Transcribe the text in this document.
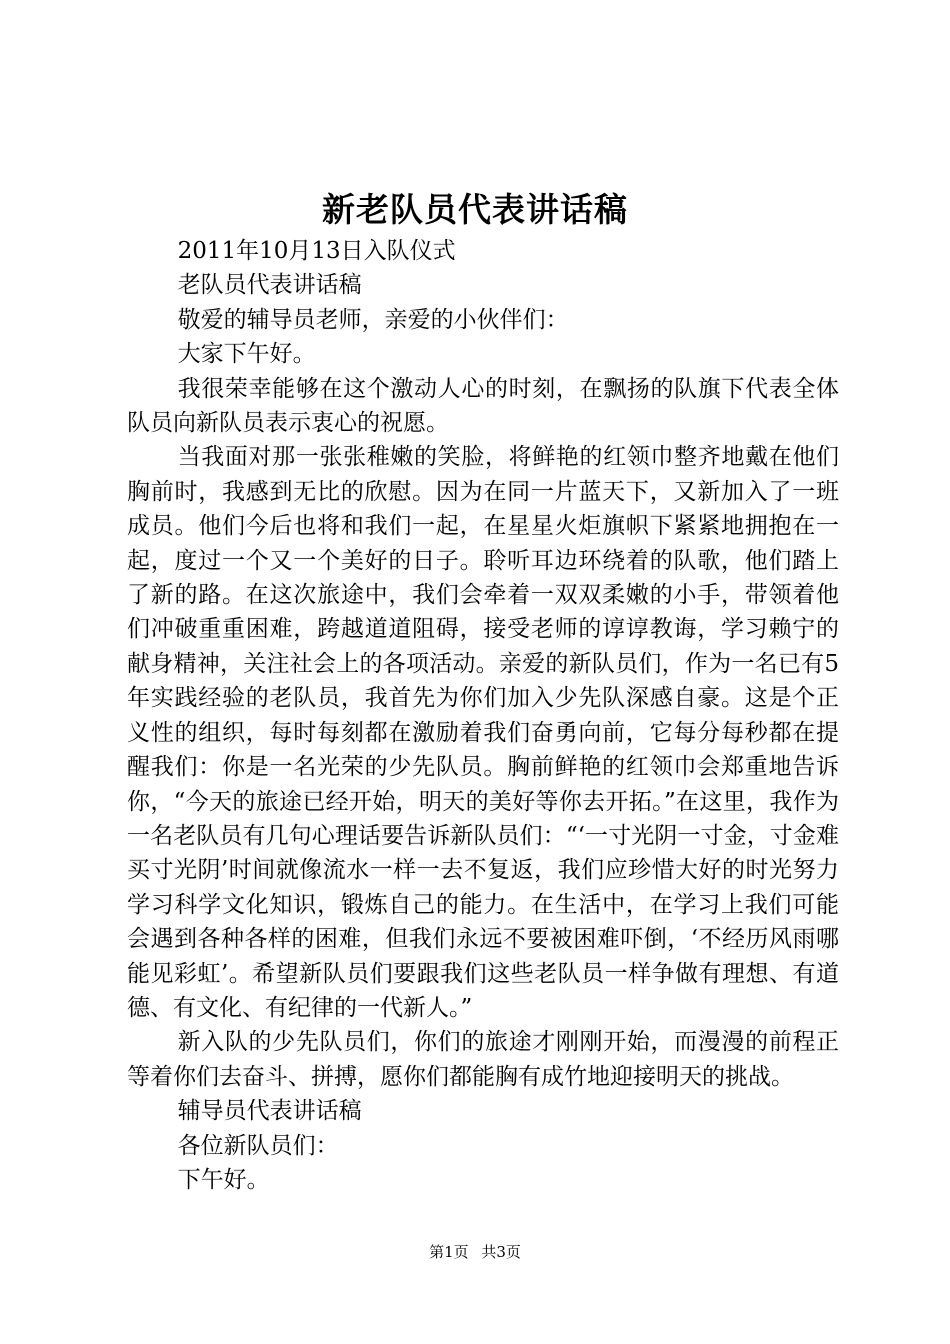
新老队员代表讲话稿

2011年10月13日入队仪式

老队员代表讲话稿

敬爱的辅导员老师，亲爱的小伙伴们：

大家下午好。

我很荣幸能够在这个激动人心的时刻，在飘扬的队旗下代表全体队员向新队员表示衷心的祝愿。

当我面对那一张张稚嫩的笑脸，将鲜艳的红领巾整齐地戴在他们胸前时，我感到无比的欣慰。因为在同一片蓝天下，又新加入了一班成员。他们今后也将和我们一起，在星星火炬旗帜下紧紧地拥抱在一起，度过一个又一个美好的日子。聆听耳边环绕着的队歌，他们踏上了新的路。在这次旅途中，我们会牵着一双双柔嫩的小手，带领着他们冲破重重困难，跨越道道阻碍，接受老师的谆谆教诲，学习赖宁的献身精神，关注社会上的各项活动。亲爱的新队员们，作为一名已有5年实践经验的老队员，我首先为你们加入少先队深感自豪。这是个正义性的组织，每时每刻都在激励着我们奋勇向前，它每分每秒都在提醒我们：你是一名光荣的少先队员。胸前鲜艳的红领巾会郑重地告诉你，“今天的旅途已经开始，明天的美好等你去开拓。”在这里，我作为一名老队员有几句心理话要告诉新队员们：“‘一寸光阴一寸金，寸金难买寸光阴’时间就像流水一样一去不复返，我们应珍惜大好的时光努力学习科学文化知识，锻炼自己的能力。在生活中，在学习上我们可能会遇到各种各样的困难，但我们永远不要被困难吓倒，‘不经历风雨哪能见彩虹’。希望新队员们要跟我们这些老队员一样争做有理想、有道德、有文化、有纪律的一代新人。”

新入队的少先队员们，你们的旅途才刚刚开始，而漫漫的前程正等着你们去奋斗、拼搏，愿你们都能胸有成竹地迎接明天的挑战。

辅导员代表讲话稿

各位新队员们：

下午好。

第1页 共3页
